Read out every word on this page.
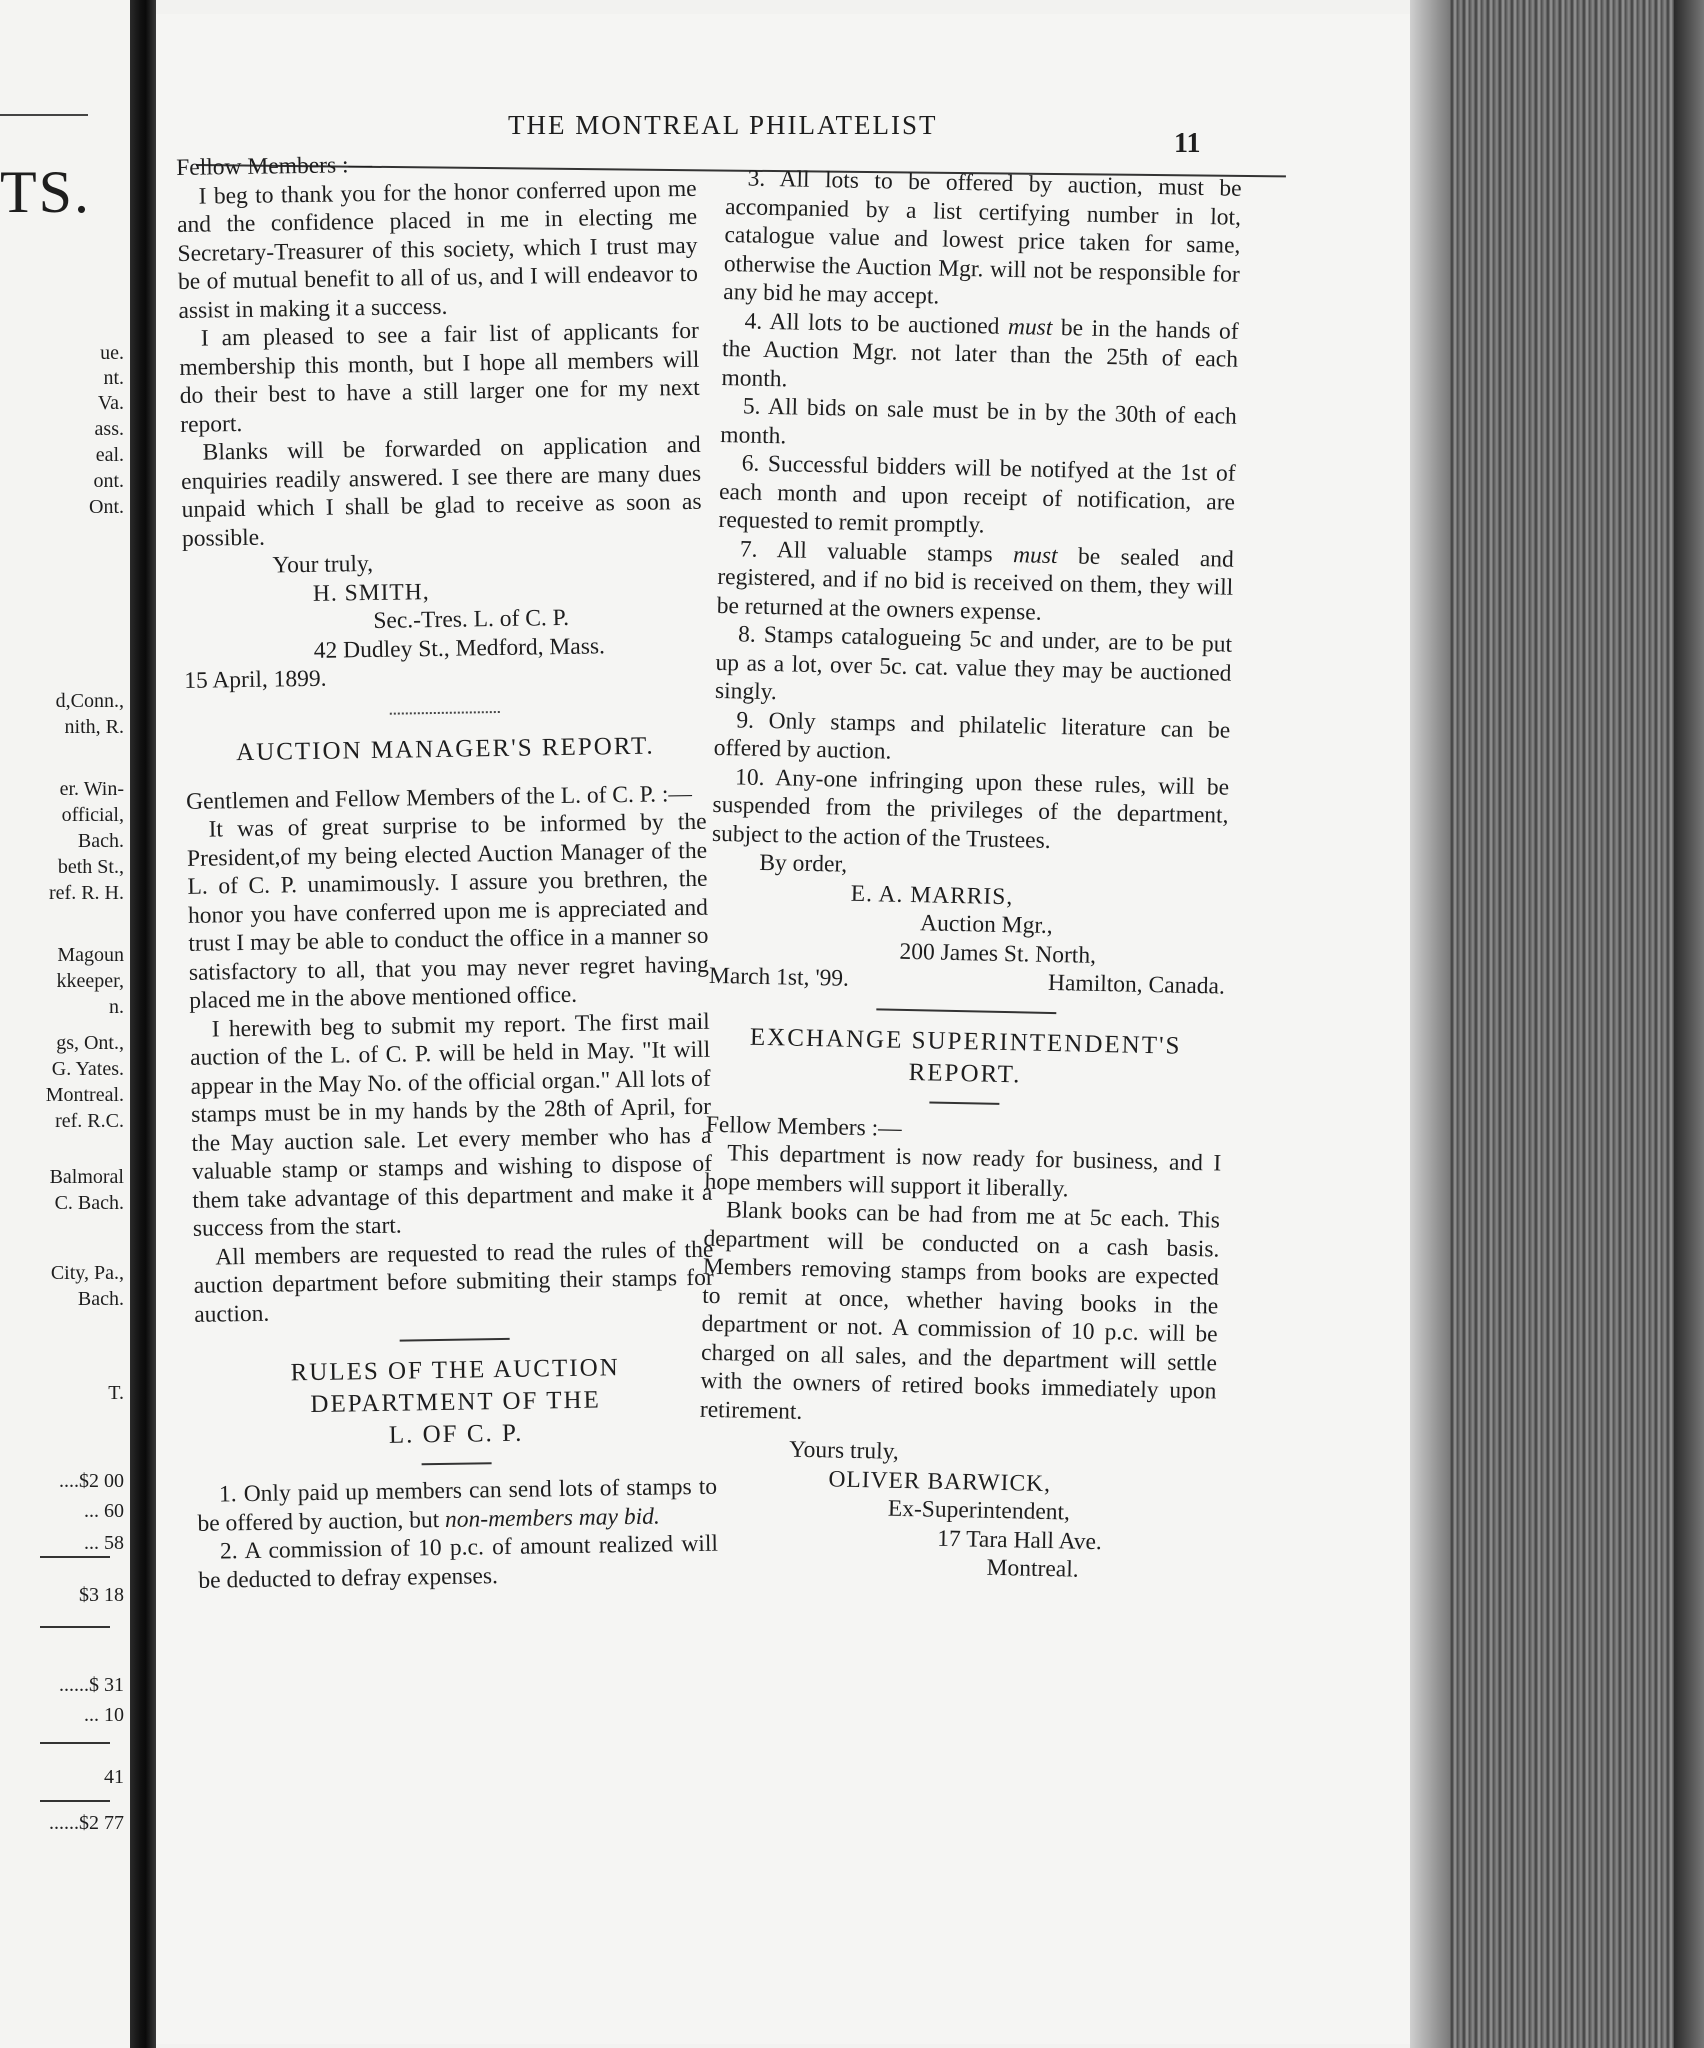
TS.
ue.
nt.
Va.
ass.
eal.
ont.
Ont.
d,Conn.,
nith, R.
er. Win-
official,
Bach.
beth St.,
ref. R. H.
Magoun
kkeeper,
n.
gs, Ont.,
G. Yates.
Montreal.
ref. R.C.
Balmoral
C. Bach.
City, Pa.,
Bach.
T.
....$2 00
... 60
... 58
$3 18
......$ 31
... 10
41
......$2 77
THE MONTREAL PHILATELIST
11

Fellow Members :—

I beg to thank you for the honor conferred upon me and the confidence placed in me in electing me Secretary-Treasurer of this society, which I trust may be of mutual benefit to all of us, and I will endeavor to assist in making it a success.

I am pleased to see a fair list of applicants for membership this month, but I hope all members will do their best to have a still larger one for my next report.

Blanks will be forwarded on application and enquiries readily answered. I see there are many dues unpaid which I shall be glad to receive as soon as possible.

Your truly,

H. SMITH,

Sec.-Tres. L. of C. P.

42 Dudley St., Medford, Mass.

15 April, 1899.

AUCTION MANAGER'S REPORT.

Gentlemen and Fellow Members of the L. of C. P. :—

It was of great surprise to be informed by the President,of my being elected Auction Manager of the L. of C. P. unamimously. I assure you brethren, the honor you have conferred upon me is appreciated and trust I may be able to conduct the office in a manner so satisfactory to all, that you may never regret having placed me in the above mentioned office.

I herewith beg to submit my report. The first mail auction of the L. of C. P. will be held in May. "It will appear in the May No. of the official organ." All lots of stamps must be in my hands by the 28th of April, for the May auction sale. Let every member who has a valuable stamp or stamps and wishing to dispose of them take advantage of this department and make it a success from the start.

All members are requested to read the rules of the auction department before submiting their stamps for auction.

RULES OF THE AUCTION
DEPARTMENT OF THE
L. OF C. P.

1. Only paid up members can send lots of stamps to be offered by auction, but non-members may bid.

2. A commission of 10 p.c. of amount realized will be deducted to defray expenses.

3. All lots to be offered by auction, must be accompanied by a list certifying number in lot, catalogue value and lowest price taken for same, otherwise the Auction Mgr. will not be responsible for any bid he may accept.

4. All lots to be auctioned must be in the hands of the Auction Mgr. not later than the 25th of each month.

5. All bids on sale must be in by the 30th of each month.

6. Successful bidders will be notifyed at the 1st of each month and upon receipt of notification, are requested to remit promptly.

7. All valuable stamps must be sealed and registered, and if no bid is received on them, they will be returned at the owners expense.

8. Stamps catalogueing 5c and under, are to be put up as a lot, over 5c. cat. value they may be auctioned singly.

9. Only stamps and philatelic literature can be offered by auction.

10. Any-one infringing upon these rules, will be suspended from the privileges of the department, subject to the action of the Trustees.

By order,

E. A. MARRIS,

Auction Mgr.,

200 James St. North,

March 1st, '99.	Hamilton, Canada.

EXCHANGE SUPERINTENDENT'S
REPORT.

Fellow Members :—

This department is now ready for business, and I hope members will support it liberally.

Blank books can be had from me at 5c each. This department will be conducted on a cash basis. Members removing stamps from books are expected to remit at once, whether having books in the department or not. A commission of 10 p.c. will be charged on all sales, and the department will settle with the owners of retired books immediately upon retirement.

Yours truly,

OLIVER BARWICK,

Ex-Superintendent,

17 Tara Hall Ave.

Montreal.
